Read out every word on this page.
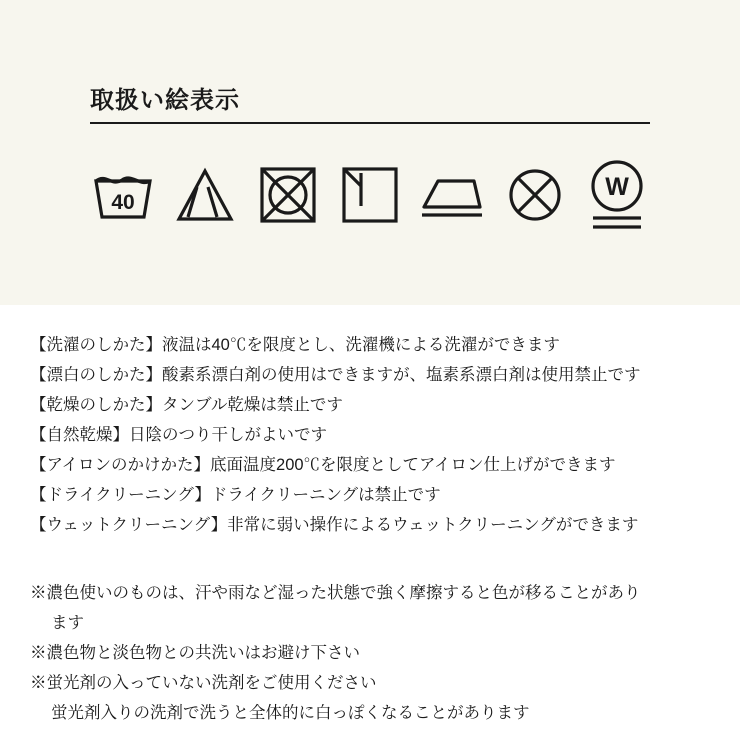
取扱い絵表示
40
W
【洗濯のしかた】液温は40℃を限度とし、洗濯機による洗濯ができます
【漂白のしかた】酸素系漂白剤の使用はできますが、塩素系漂白剤は使用禁止です
【乾燥のしかた】タンブル乾燥は禁止です
【自然乾燥】日陰のつり干しがよいです
【アイロンのかけかた】底面温度200℃を限度としてアイロン仕上げができます
【ドライクリーニング】ドライクリーニングは禁止です
【ウェットクリーニング】非常に弱い操作によるウェットクリーニングができます
※濃色使いのものは、汗や雨など湿った状態で強く摩擦すると色が移ることがあり
ます
※濃色物と淡色物との共洗いはお避け下さい
※蛍光剤の入っていない洗剤をご使用ください
蛍光剤入りの洗剤で洗うと全体的に白っぽくなることがあります
